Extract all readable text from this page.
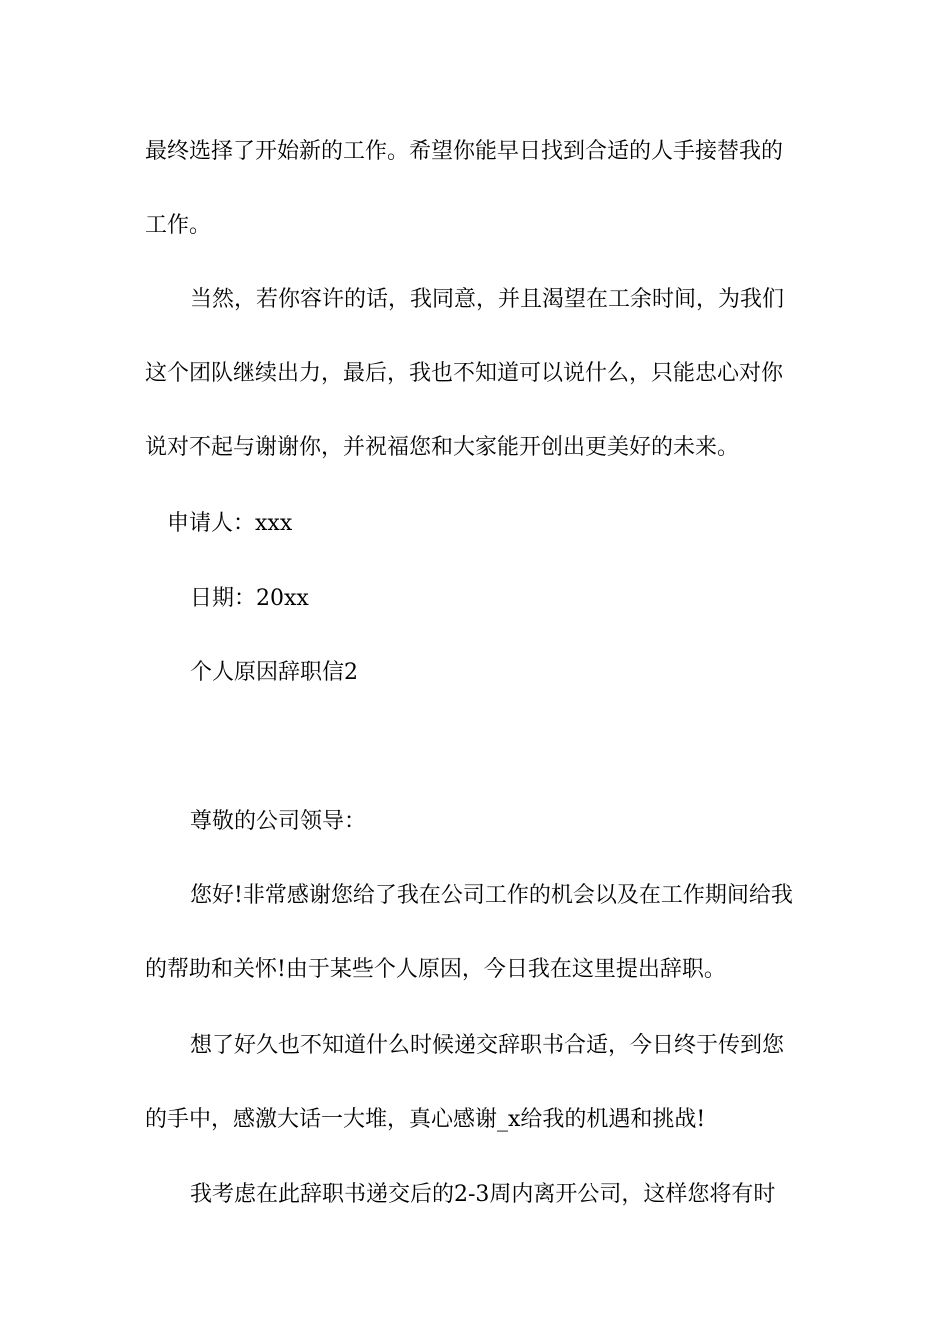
最终选择了开始新的工作。希望你能早日找到合适的人手接替我的
工作。
当然，若你容许的话，我同意，并且渴望在工余时间，为我们
这个团队继续出力，最后，我也不知道可以说什么，只能忠心对你
说对不起与谢谢你，并祝福您和大家能开创出更美好的未来。
申请人：xxx
日期：20xx
个人原因辞职信2
尊敬的公司领导：
您好!非常感谢您给了我在公司工作的机会以及在工作期间给我
的帮助和关怀!由于某些个人原因，今日我在这里提出辞职。
想了好久也不知道什么时候递交辞职书合适，今日终于传到您
的手中，感激大话一大堆，真心感谢_x给我的机遇和挑战!
我考虑在此辞职书递交后的2-3周内离开公司，这样您将有时
